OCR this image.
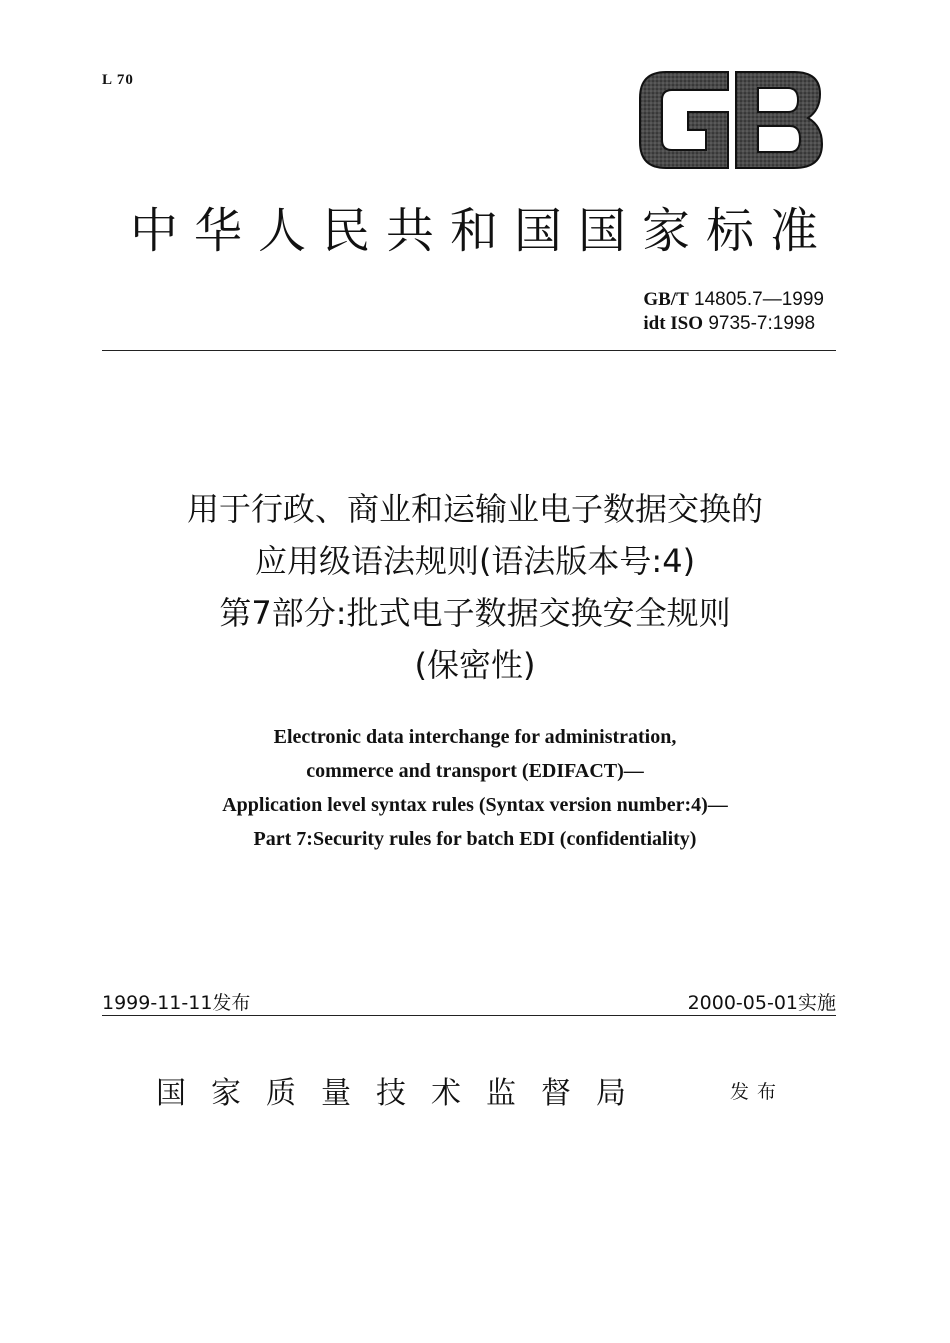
L 70
中华人民共和国国家标准
GB/T 14805.7—1999
idt ISO 9735-7:1998
用于行政、商业和运输业电子数据交换的
应用级语法规则(语法版本号:4)
第7部分:批式电子数据交换安全规则
(保密性)
Electronic data interchange for administration,
commerce and transport (EDIFACT)—
Application level syntax rules (Syntax version number:4)—
Part 7:Security rules for batch EDI (confidentiality)
1999-11-11发布	2000-05-01实施
国家质量技术监督局	发布
